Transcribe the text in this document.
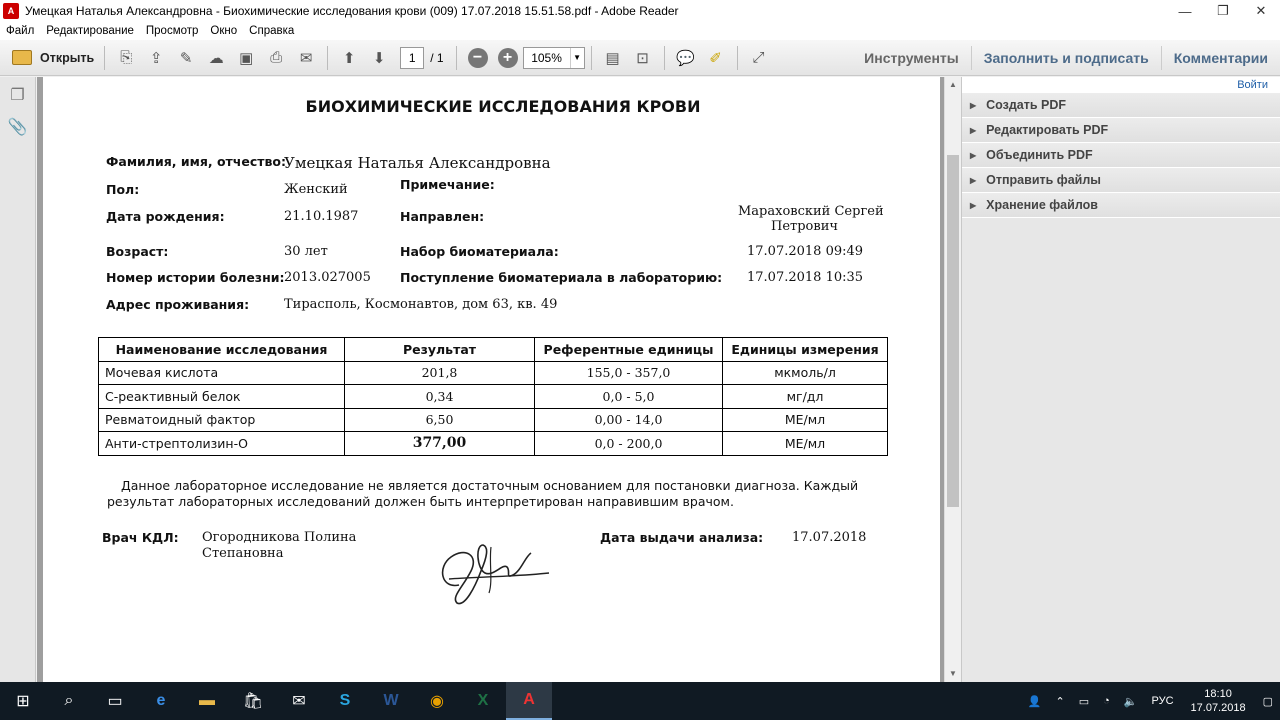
A Умецкая Наталья Александровна - Биохимические исследования крови (009) 17.07.2018 15.51.58.pdf - Adobe Reader	—	❐	✕
Файл Редактирование Просмотр Окно Справка
Открыть	⎘	⇪	✎	☁ ▣	⎙	✉	⬆	⬇	1	/ 1	−	+	105%	▼ ▤	⊡	💬 ✐	⤢	Инструменты	Заполнить и подписать	Комментарии
❐
📎
БИОХИМИЧЕСКИЕ ИССЛЕДОВАНИЯ КРОВИ
Фамилия, имя, отчество:
Умецкая Наталья Александровна
Пол:	Женский	Примечание:
Дата рождения:	21.10.1987	Направлен:	Мараховский Сергей
Петрович
Возраст:	30 лет	Набор биоматериала:	17.07.2018 09:49
Номер истории болезни: 2013.027005 Поступление биоматериала в лабораторию: 17.07.2018 10:35
Адрес проживания:	Тирасполь, Космонавтов, дом 63, кв. 49
Наименование исследования	Результат	Референтные единицы	Единицы измерения
Мочевая кислота	201,8	155,0 - 357,0	мкмоль/л
С-реактивный белок	0,34	0,0 - 5,0	мг/дл
Ревматоидный фактор	6,50	0,00 - 14,0	МЕ/мл
Анти-стрептолизин-О	377,00	0,0 - 200,0	МЕ/мл

Данное лабораторное исследование не является достаточным основанием для постановки диагноза. Каждый результат лабораторных исследований должен быть интерпретирован направившим врачом.

Врач КДЛ: Огородникова Полина
Степановна
Дата выдачи анализа: 17.07.2018
▲
▼
Войти
▶ Создать PDF
▶ Редактировать PDF
▶ Объединить PDF
▶ Отправить файлы
▶ Хранение файлов
⊞	⌕	▭	e	▬	🛍	✉	S	W	◉	X	A	👤 ⌃ ▭ ◔ 🔈 РУС
18:10
17.07.2018
▢
